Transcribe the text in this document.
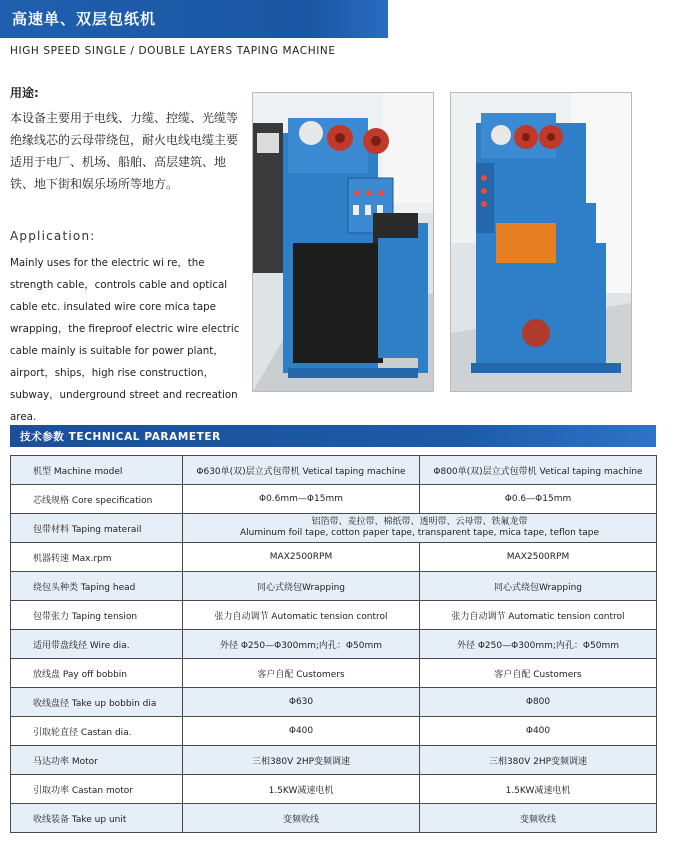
高速单、双层包纸机
HIGH SPEED SINGLE / DOUBLE LAYERS TAPING MACHINE
用途:
本设备主要用于电线、力缆、控缆、光缆等绝缘线芯的云母带绕包，耐火电线电缆主要适用于电厂、机场、船舶、高层建筑、地铁、地下街和娱乐场所等地方。
Application:
Mainly uses for the electric wi re，the strength cable，controls cable and optical cable etc. insulated wire core mica tape wrapping，the fireproof electric wire electric cable mainly is suitable for power plant，airport，ships，high rise construction，subway，underground street and recreation area.
技术参数 TECHNICAL PARAMETER
机型 Machine model	Φ630单(双)层立式包带机 Vetical taping machine	Φ800单(双)层立式包带机 Vetical taping machine
芯线规格 Core specification	Φ0.6mm—Φ15mm	Φ0.6—Φ15mm
包带材料 Taping materail	铝箔带、麦拉带、棉纸带、透明带、云母带、铁氟龙带
Aluminum foil tape, cotton paper tape, transparent tape, mica tape, teflon tape	

机器转速 Max.rpm	MAX2500RPM	MAX2500RPM
绕包头种类 Taping head	同心式绕包Wrapping	同心式绕包Wrapping
包带张力 Taping tension	张力自动调节 Automatic tension control	张力自动调节 Automatic tension control
适用带盘线径 Wire dia.	外径 Φ250—Φ300mm;内孔：Φ50mm	外径 Φ250—Φ300mm;内孔：Φ50mm
放线盘 Pay off bobbin	客户自配 Customers	客户自配 Customers
收线盘径 Take up bobbin dia	Φ630	Φ800
引取轮直径 Castan dia.	Φ400	Φ400
马达功率 Motor	三相380V 2HP变频调速	三相380V 2HP变频调速
引取功率 Castan motor	1.5KW减速电机	1.5KW减速电机
收线装备 Take up unit	变频收线	变频收线
